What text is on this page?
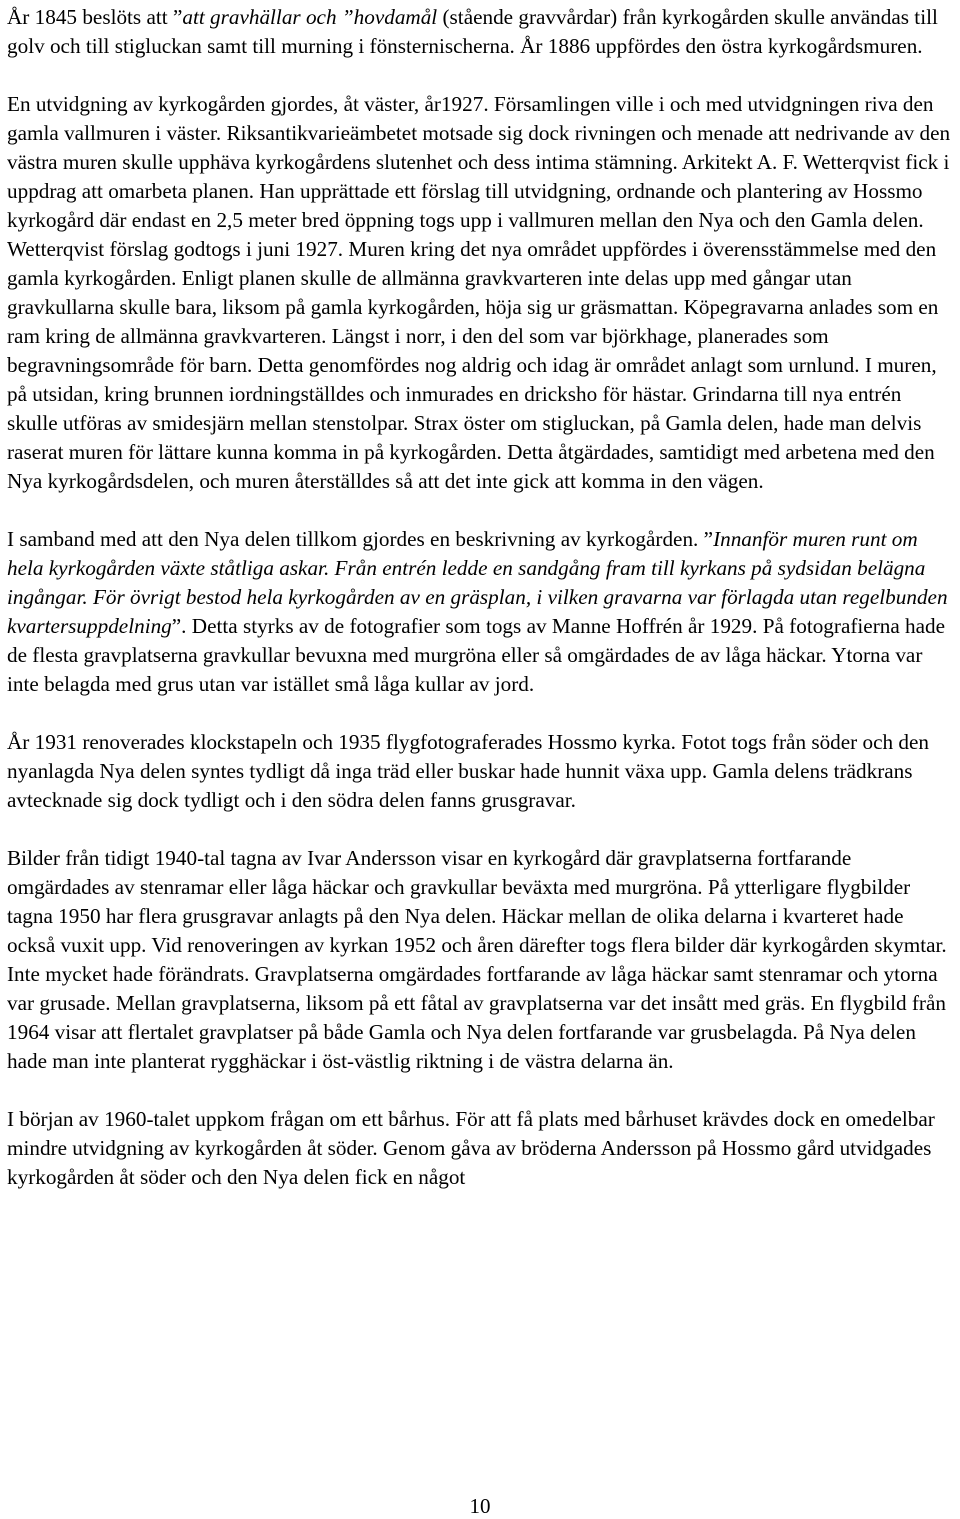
År 1845 beslöts att ”att gravhällar och ”hovdamål (stående gravvårdar) från kyrkogården skulle användas till golv och till stigluckan samt till murning i fönsternischerna. År 1886 uppfördes den östra kyrkogårdsmuren.

En utvidgning av kyrkogården gjordes, åt väster, år1927. Församlingen ville i och med utvidgningen riva den gamla vallmuren i väster. Riksantikvarieämbetet motsade sig dock rivningen och menade att nedrivande av den västra muren skulle upphäva kyrkogårdens slutenhet och dess intima stämning. Arkitekt A. F. Wetterqvist fick i uppdrag att omarbeta planen. Han upprättade ett förslag till utvidgning, ordnande och plantering av Hossmo kyrkogård där endast en 2,5 meter bred öppning togs upp i vallmuren mellan den Nya och den Gamla delen. Wetterqvist förslag godtogs i juni 1927. Muren kring det nya området uppfördes i överensstämmelse med den gamla kyrkogården. Enligt planen skulle de allmänna gravkvarteren inte delas upp med gångar utan gravkullarna skulle bara, liksom på gamla kyrkogården, höja sig ur gräsmattan. Köpegravarna anlades som en ram kring de allmänna gravkvarteren. Längst i norr, i den del som var björkhage, planerades som begravningsområde för barn. Detta genomfördes nog aldrig och idag är området anlagt som urnlund. I muren, på utsidan, kring brunnen iordningställdes och inmurades en dricksho för hästar. Grindarna till nya entrén skulle utföras av smidesjärn mellan stenstolpar. Strax öster om stigluckan, på Gamla delen, hade man delvis raserat muren för lättare kunna komma in på kyrkogården. Detta åtgärdades, samtidigt med arbetena med den Nya kyrkogårdsdelen, och muren återställdes så att det inte gick att komma in den vägen.

I samband med att den Nya delen tillkom gjordes en beskrivning av kyrkogården. ”Innanför muren runt om hela kyrkogården växte ståtliga askar. Från entrén ledde en sandgång fram till kyrkans på sydsidan belägna ingångar. För övrigt bestod hela kyrkogården av en gräsplan, i vilken gravarna var förlagda utan regelbunden kvartersuppdelning”. Detta styrks av de fotografier som togs av Manne Hoffrén år 1929. På fotografierna hade de flesta gravplatserna gravkullar bevuxna med murgröna eller så omgärdades de av låga häckar. Ytorna var inte belagda med grus utan var istället små låga kullar av jord.

År 1931 renoverades klockstapeln och 1935 flygfotograferades Hossmo kyrka. Fotot togs från söder och den nyanlagda Nya delen syntes tydligt då inga träd eller buskar hade hunnit växa upp. Gamla delens trädkrans avtecknade sig dock tydligt och i den södra delen fanns grusgravar.

Bilder från tidigt 1940-tal tagna av Ivar Andersson visar en kyrkogård där gravplatserna fortfarande omgärdades av stenramar eller låga häckar och gravkullar beväxta med murgröna. På ytterligare flygbilder tagna 1950 har flera grusgravar anlagts på den Nya delen. Häckar mellan de olika delarna i kvarteret hade också vuxit upp. Vid renoveringen av kyrkan 1952 och åren därefter togs flera bilder där kyrkogården skymtar. Inte mycket hade förändrats. Gravplatserna omgärdades fortfarande av låga häckar samt stenramar och ytorna var grusade. Mellan gravplatserna, liksom på ett fåtal av gravplatserna var det insått med gräs. En flygbild från 1964 visar att flertalet gravplatser på både Gamla och Nya delen fortfarande var grusbelagda. På Nya delen hade man inte planterat rygghäckar i öst-västlig riktning i de västra delarna än.

I början av 1960-talet uppkom frågan om ett bårhus. För att få plats med bårhuset krävdes dock en omedelbar mindre utvidgning av kyrkogården åt söder. Genom gåva av bröderna Andersson på Hossmo gård utvidgades kyrkogården åt söder och den Nya delen fick en något

10
